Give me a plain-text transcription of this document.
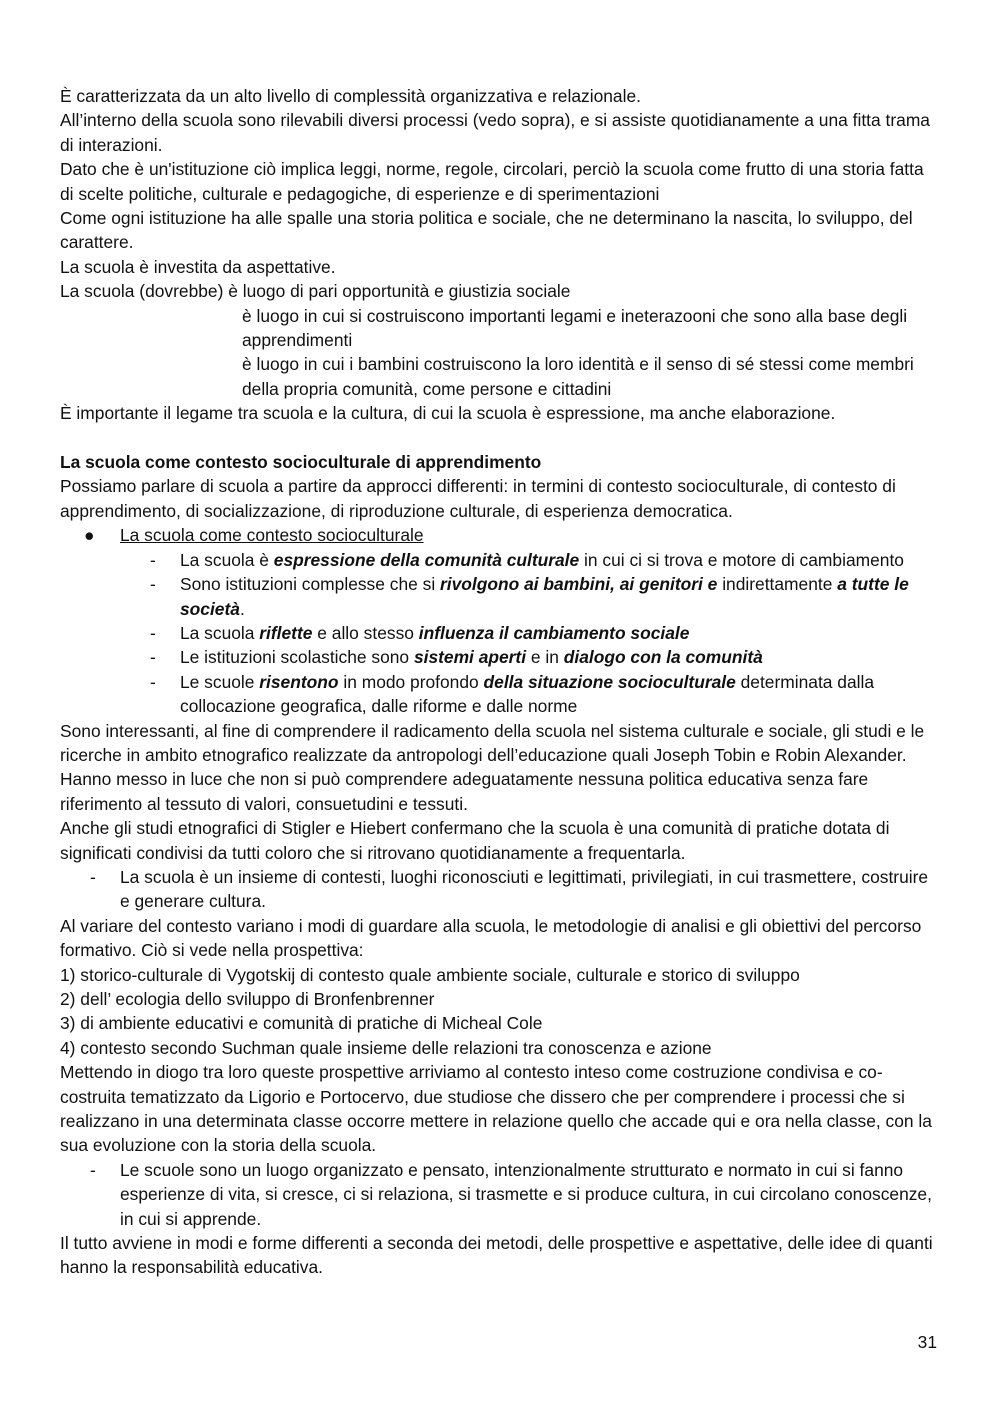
È caratterizzata da un alto livello di complessità organizzativa e relazionale.

All’interno della scuola sono rilevabili diversi processi (vedo sopra), e si assiste quotidianamente a una fitta trama di interazioni.

Dato che è un'istituzione ciò implica leggi, norme, regole, circolari, perciò la scuola come frutto di una storia fatta di scelte politiche, culturale e pedagogiche, di esperienze e di sperimentazioni

Come ogni istituzione ha alle spalle una storia politica e sociale, che ne determinano la nascita, lo sviluppo, del carattere.

La scuola è investita da aspettative.

La scuola (dovrebbe) è luogo di pari opportunità e giustizia sociale

è luogo in cui si costruiscono importanti legami e ineterazooni che sono alla base degli apprendimenti

è luogo in cui i bambini costruiscono la loro identità e il senso di sé stessi come membri della propria comunità, come persone e cittadini

È importante il legame tra scuola e la cultura, di cui la scuola è espressione, ma anche elaborazione.

La scuola come contesto socioculturale di apprendimento

Possiamo parlare di scuola a partire da approcci differenti: in termini di contesto socioculturale, di contesto di apprendimento, di socializzazione, di riproduzione culturale, di esperienza democratica.

● La scuola come contesto socioculturale
- La scuola è espressione della comunità culturale in cui ci si trova e motore di cambiamento
- Sono istituzioni complesse che si rivolgono ai bambini, ai genitori e indirettamente a tutte le società.
- La scuola riflette e allo stesso influenza il cambiamento sociale
- Le istituzioni scolastiche sono sistemi aperti e in dialogo con la comunità
- Le scuole risentono in modo profondo della situazione socioculturale determinata dalla collocazione geografica, dalle riforme e dalle norme

Sono interessanti, al fine di comprendere il radicamento della scuola nel sistema culturale e sociale, gli studi e le ricerche in ambito etnografico realizzate da antropologi dell’educazione quali Joseph Tobin e Robin Alexander. Hanno messo in luce che non si può comprendere adeguatamente nessuna politica educativa senza fare riferimento al tessuto di valori, consuetudini e tessuti.

Anche gli studi etnografici di Stigler e Hiebert confermano che la scuola è una comunità di pratiche dotata di significati condivisi da tutti coloro che si ritrovano quotidianamente a frequentarla.

- La scuola è un insieme di contesti, luoghi riconosciuti e legittimati, privilegiati, in cui trasmettere, costruire e generare cultura.

Al variare del contesto variano i modi di guardare alla scuola, le metodologie di analisi e gli obiettivi del percorso formativo. Ciò si vede nella prospettiva:

1) storico-culturale di Vygotskij di contesto quale ambiente sociale, culturale e storico di sviluppo

2) dell’ ecologia dello sviluppo di Bronfenbrenner

3) di ambiente educativi e comunità di pratiche di Micheal Cole

4) contesto secondo Suchman quale insieme delle relazioni tra conoscenza e azione

Mettendo in diogo tra loro queste prospettive arriviamo al contesto inteso come costruzione condivisa e co-costruita tematizzato da Ligorio e Portocervo, due studiose che dissero che per comprendere i processi che si realizzano in una determinata classe occorre mettere in relazione quello che accade qui e ora nella classe, con la sua evoluzione con la storia della scuola.

- Le scuole sono un luogo organizzato e pensato, intenzionalmente strutturato e normato in cui si fanno esperienze di vita, si cresce, ci si relaziona, si trasmette e si produce cultura, in cui circolano conoscenze, in cui si apprende.

Il tutto avviene in modi e forme differenti a seconda dei metodi, delle prospettive e aspettative, delle idee di quanti hanno la responsabilità educativa.

31
